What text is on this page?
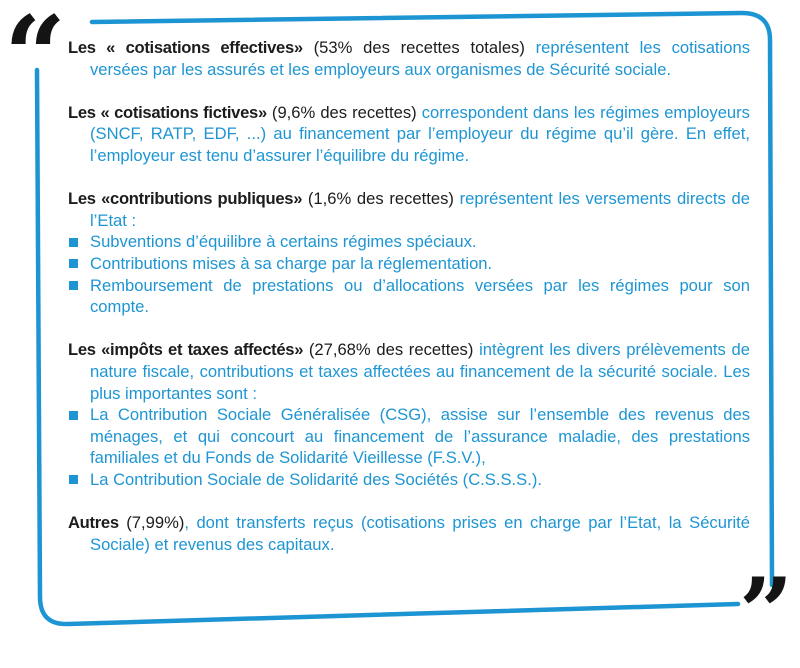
“
”

Les « cotisations effectives» (53% des recettes totales) représentent les cotisations versées par les assurés et les employeurs aux organismes de Sécurité sociale.

Les « cotisations fictives» (9,6% des recettes) correspondent dans les régimes employeurs (SNCF, RATP, EDF, ...) au financement par l’employeur du régime qu’il gère. En effet, l’employeur est tenu d’assurer l’équilibre du régime.

Les «contributions publiques» (1,6% des recettes) représentent les versements directs de l’Etat :

Subventions d’équilibre à certains régimes spéciaux.
Contributions mises à sa charge par la réglementation.
Remboursement de prestations ou d’allocations versées par les régimes pour son compte.

Les «impôts et taxes affectés» (27,68% des recettes) intègrent les divers prélèvements de nature fiscale, contributions et taxes affectées au financement de la sécurité sociale. Les plus importantes sont :

La Contribution Sociale Généralisée (CSG), assise sur l’ensemble des revenus des ménages, et qui concourt au financement de l’assurance maladie, des prestations familiales et du Fonds de Solidarité Vieillesse (F.S.V.),
La Contribution Sociale de Solidarité des Sociétés (C.S.S.S.).

Autres (7,99%), dont transferts reçus (cotisations prises en charge par l’Etat, la Sécurité Sociale) et revenus des capitaux.
